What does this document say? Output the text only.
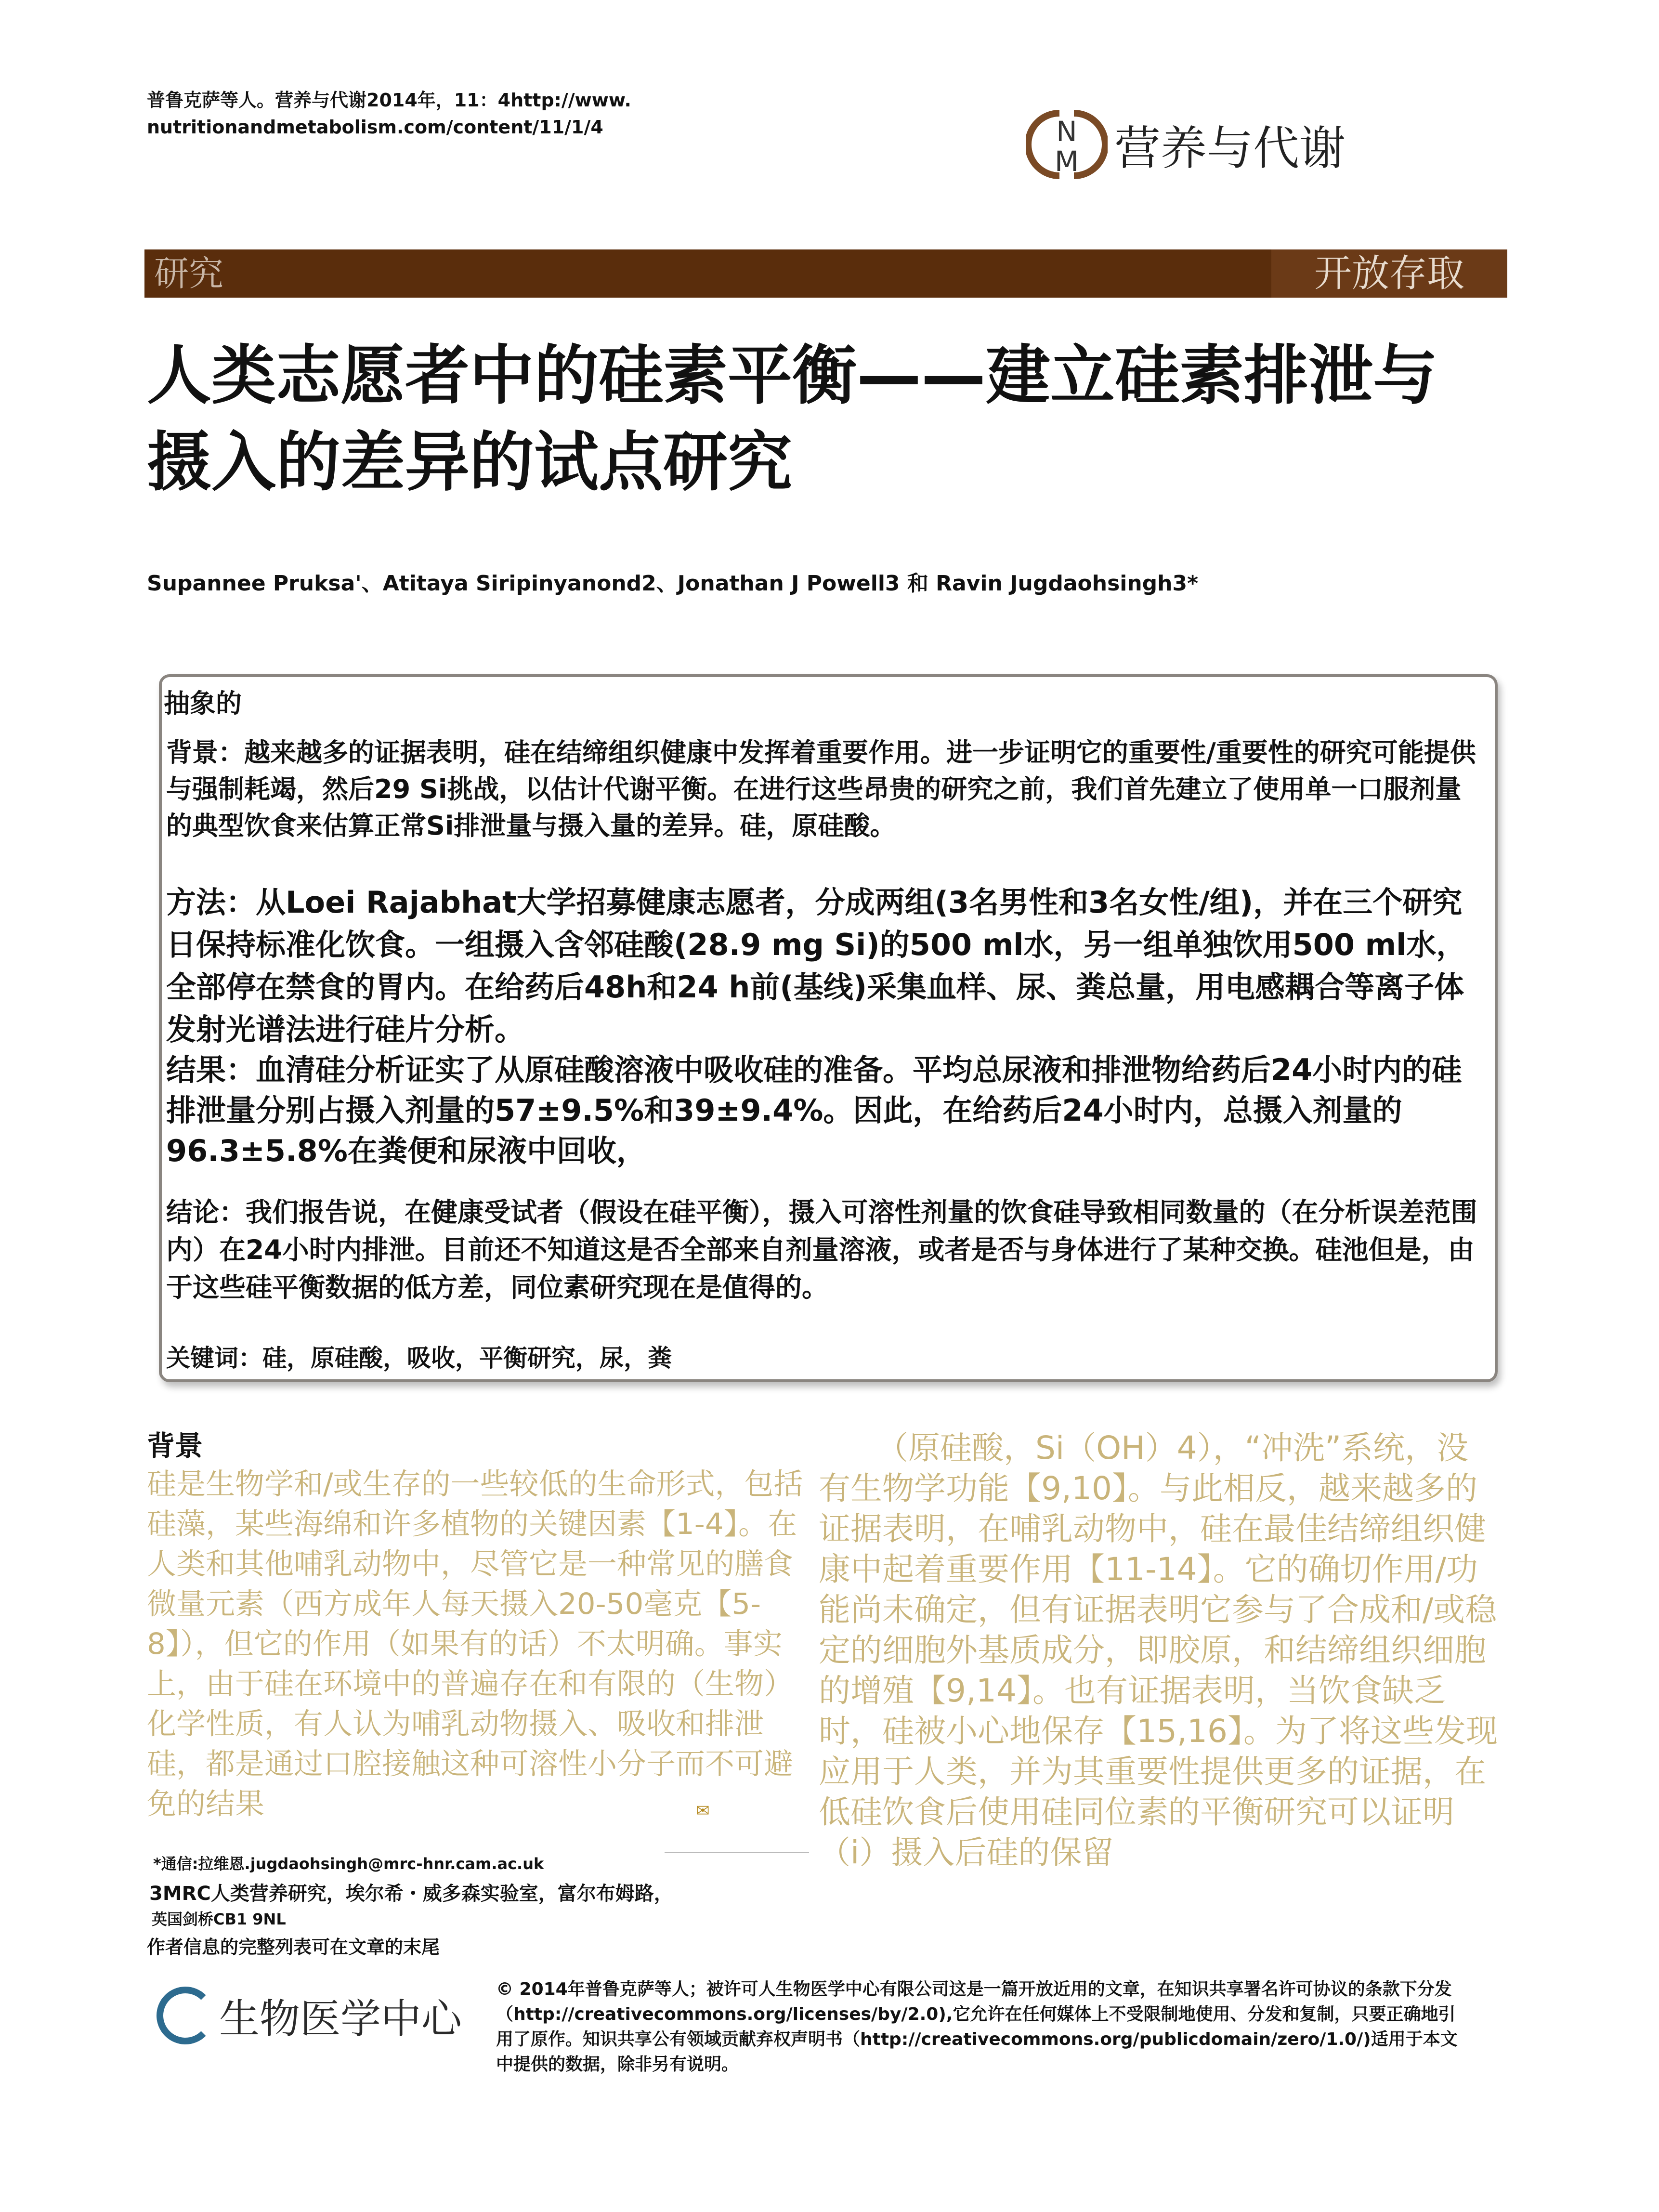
普鲁克萨等人。营养与代谢2014年，11：4http://www.
nutritionandmetabolism.com/content/11/1/4	N
M 营养与代谢
研究	开放存取
人类志愿者中的硅素平衡——建立硅素排泄与摄入的差异的试点研究
Supannee Pruksa'、Atitaya Siripinyanond2、Jonathan J Powell3 和 Ravin Jugdaohsingh3*
抽象的
背景：越来越多的证据表明，硅在结缔组织健康中发挥着重要作用。进一步证明它的重要性/重要性的研究可能提供与强制耗竭，然后29 Si挑战，以估计代谢平衡。在进行这些昂贵的研究之前，我们首先建立了使用单一口服剂量的典型饮食来估算正常Si排泄量与摄入量的差异。硅，原硅酸。
方法：从Loei Rajabhat大学招募健康志愿者，分成两组(3名男性和3名女性/组)，并在三个研究日保持标准化饮食。一组摄入含邻硅酸(28.9 mg Si)的500 ml水，另一组单独饮用500 ml水，全部停在禁食的胃内。在给药后48h和24 h前(基线)采集血样、尿、粪总量，用电感耦合等离子体发射光谱法进行硅片分析。
结果：血清硅分析证实了从原硅酸溶液中吸收硅的准备。平均总尿液和排泄物给药后24小时内的硅排泄量分别占摄入剂量的57±9.5%和39±9.4%。因此，在给药后24小时内，总摄入剂量的96.3±5.8%在粪便和尿液中回收，
结论：我们报告说，在健康受试者（假设在硅平衡），摄入可溶性剂量的饮食硅导致相同数量的（在分析误差范围内）在24小时内排泄。目前还不知道这是否全部来自剂量溶液，或者是否与身体进行了某种交换。硅池但是，由于这些硅平衡数据的低方差，同位素研究现在是值得的。
关键词：硅，原硅酸，吸收，平衡研究，尿，粪
背景
硅是生物学和/或生存的一些较低的生命形式，包括硅藻，某些海绵和许多植物的关键因素【1-4】。在人类和其他哺乳动物中，尽管它是一种常见的膳食微量元素（西方成年人每天摄入20-50毫克【5-8】），但它的作用（如果有的话）不太明确。事实上，由于硅在环境中的普遍存在和有限的（生物）化学性质，有人认为哺乳动物摄入、吸收和排泄硅，都是通过口腔接触这种可溶性小分子而不可避免的结果
（原硅酸，Si（OH）4），“冲洗”系统，没
有生物学功能【9,10】。与此相反，越来越多的证据表明，在哺乳动物中，硅在最佳结缔组织健康中起着重要作用【11-14】。它的确切作用/功能尚未确定，但有证据表明它参与了合成和/或稳定的细胞外基质成分，即胶原，和结缔组织细胞的增殖【9,14】。也有证据表明，当饮食缺乏时，硅被小心地保存【15,16】。为了将这些发现应用于人类，并为其重要性提供更多的证据，在低硅饮食后使用硅同位素的平衡研究可以证明（i）摄入后硅的保留
✉
*通信:拉维恩.jugdaohsingh@mrc-hnr.cam.ac.uk
3MRC人类营养研究，埃尔希・威多森实验室，富尔布姆路，
英国剑桥CB1 9NL
作者信息的完整列表可在文章的末尾
生物医学中心
© 2014年普鲁克萨等人；被许可人生物医学中心有限公司这是一篇开放近用的文章，在知识共享署名许可协议的条款下分发（http://creativecommons.org/licenses/by/2.0),它允许在任何媒体上不受限制地使用、分发和复制，只要正确地引用了原作。知识共享公有领域贡献弃权声明书（http://creativecommons.org/publicdomain/zero/1.0/)适用于本文中提供的数据，除非另有说明。
